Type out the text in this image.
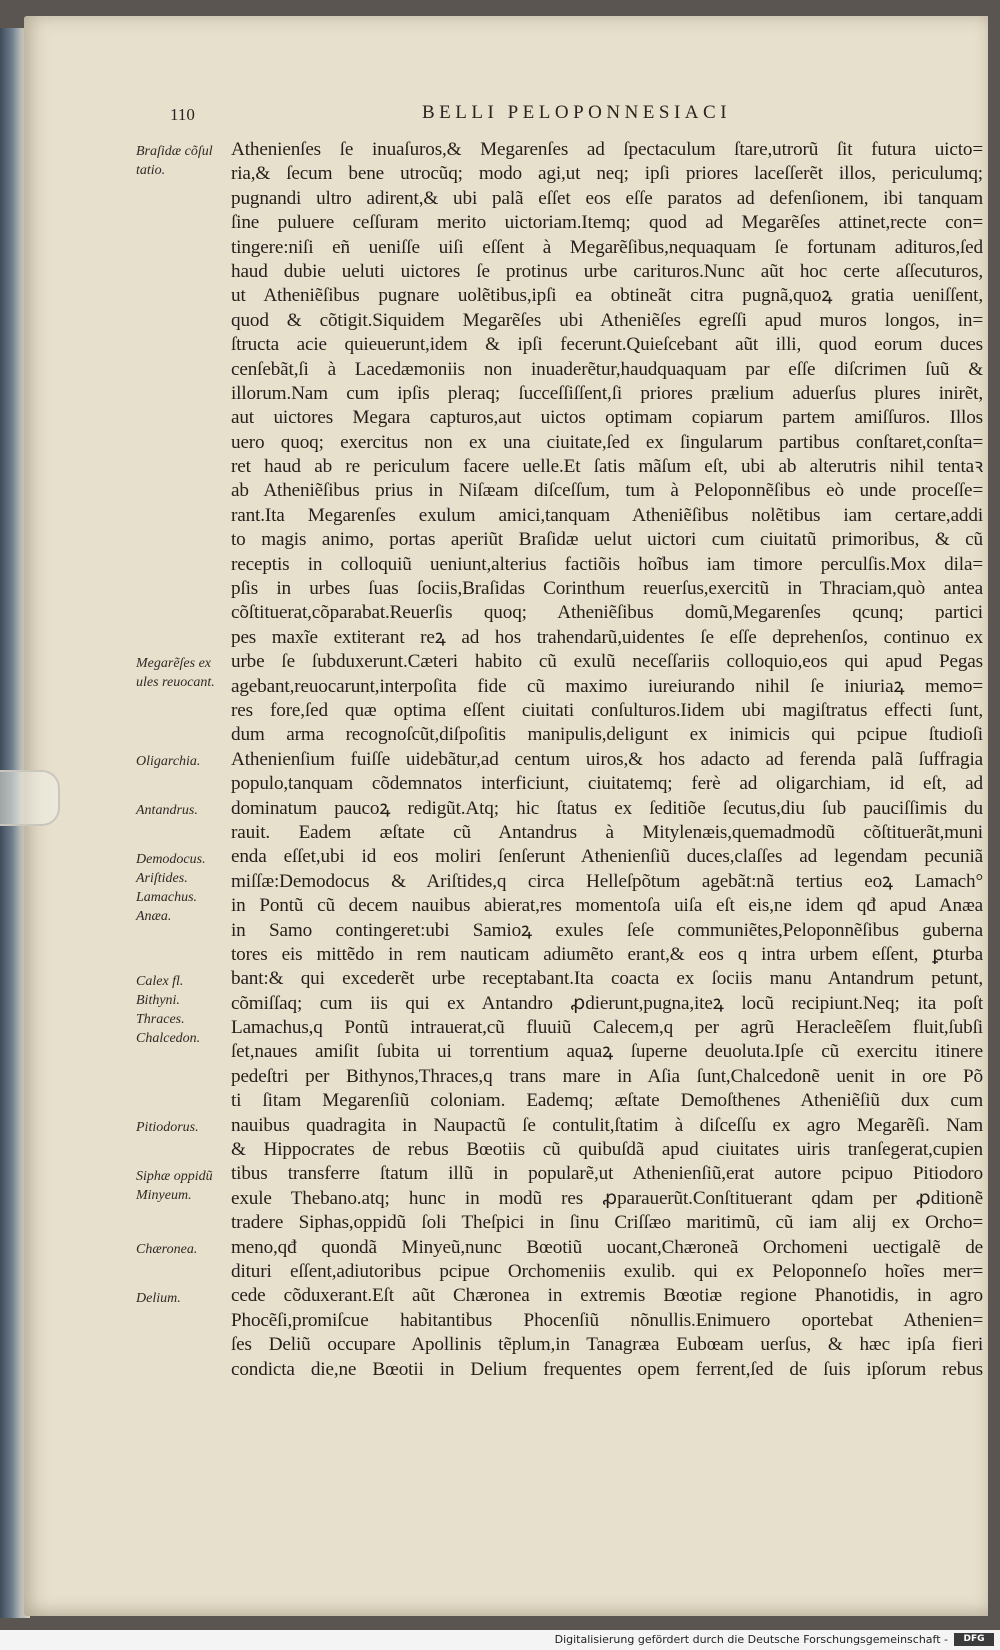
110	BELLI PELOPONNESIACI
Braſidæ cõſul
tatio.
Megarẽſes ex
ules reuocant.
Oligarchia.
Antandrus.
Demodocus.
Ariſtides.
Lamachus.
Anæa.
Calex fl.
Bithyni.
Thraces.
Chalcedon.
Pitiodorus.
Siphæ oppidũ
Minyeum.
Chæronea.
Delium.
Athenienſes ſe inuaſuros,& Megarenſes ad ſpectaculum ſtare,utrorũ ſit futura uicto=
ria,& ſecum bene utrocũq; modo agi,ut neq; ipſi priores laceſſerẽt illos, periculumq;
pugnandi ultro adirent,& ubi palã eſſet eos eſſe paratos ad defenſionem, ibi tanquam
ſine puluere ceſſuram merito uictoriam.Itemq; quod ad Megarẽſes attinet,recte con=
tingere:niſi eñ ueniſſe uiſi eſſent à Megarẽſibus,nequaquam ſe fortunam adituros,ſed
haud dubie ueluti uictores ſe protinus urbe carituros.Nunc aũt hoc certe aſſecuturos,
ut Atheniẽſibus pugnare uolẽtibus,ipſi ea obtineãt citra pugnã,quoꝝ gratia ueniſſent,
quod & cõtigit.Siquidem Megarẽſes ubi Atheniẽſes egreſſi apud muros longos, in=
ſtructa acie quieuerunt,idem & ipſi fecerunt.Quieſcebant aũt illi, quod eorum duces
cenſebãt,ſi à Lacedæmoniis non inuaderẽtur,haudquaquam par eſſe diſcrimen ſuũ &
illorum.Nam cum ipſis pleraq; ſucceſſiſſent,ſi priores prælium aduerſus plures inirẽt,
aut uictores Megara capturos,aut uictos optimam copiarum partem amiſſuros. Illos
uero quoq; exercitus non ex una ciuitate,ſed ex ſingularum partibus conſtaret,conſta=
ret haud ab re periculum facere uelle.Et ſatis mãſum eſt, ubi ab alterutris nihil tentaꝛ
ab Atheniẽſibus prius in Niſæam diſceſſum, tum à Peloponnẽſibus eò unde proceſſe=
rant.Ita Megarenſes exulum amici,tanquam Atheniẽſibus nolẽtibus iam certare,addi
to magis animo, portas aperiũt Braſidæ uelut uictori cum ciuitatũ primoribus, & cũ
receptis in colloquiũ ueniunt,alterius factiõis hoĩbus iam timore perculſis.Mox dila=
pſis in urbes ſuas ſociis,Braſidas Corinthum reuerſus,exercitũ in Thraciam,quò antea
cõſtituerat,cõparabat.Reuerſis quoq; Atheniẽſibus domũ,Megarenſes qcunq; partici
pes maxĩe extiterant reꝝ ad hos trahendarũ,uidentes ſe eſſe deprehenſos, continuo ex
urbe ſe ſubduxerunt.Cæteri habito cũ exulũ neceſſariis colloquio,eos qui apud Pegas
agebant,reuocarunt,interpoſita fide cũ maximo iureiurando nihil ſe iniuriaꝝ memo=
res fore,ſed quæ optima eſſent ciuitati conſulturos.Iidem ubi magiſtratus effecti ſunt,
dum arma recognoſcũt,diſpoſitis manipulis,deligunt ex inimicis qui pcipue ſtudioſi
Athenienſium fuiſſe uidebãtur,ad centum uiros,& hos adacto ad ferenda palã ſuffragia
populo,tanquam cõdemnatos interficiunt, ciuitatemq; ferè ad oligarchiam, id eſt, ad
dominatum paucoꝝ redigũt.Atq; hic ſtatus ex ſeditiõe ſecutus,diu ſub pauciſſimis du
rauit. Eadem æſtate cũ Antandrus à Mitylenæis,quemadmodũ cõſtituerãt,muni
enda eſſet,ubi id eos moliri ſenſerunt Athenienſiũ duces,claſſes ad legendam pecuniã
miſſæ:Demodocus & Ariſtides,q circa Helleſpõtum agebãt:nã tertius eoꝝ Lamach°
in Pontũ cũ decem nauibus abierat,res momentoſa uiſa eſt eis,ne idem qđ apud Anæa
in Samo contingeret:ubi Samioꝝ exules ſeſe communiẽtes,Peloponnẽſibus guberna
tores eis mittẽdo in rem nauticam adiumẽto erant,& eos q intra urbem eſſent, ꝑturba
bant:& qui excederẽt urbe receptabant.Ita coacta ex ſociis manu Antandrum petunt,
cõmiſſaq; cum iis qui ex Antandro ꝓdierunt,pugna,iteꝝ locũ recipiunt.Neq; ita poſt
Lamachus,q Pontũ intrauerat,cũ fluuiũ Calecem,q per agrũ Heracleẽſem fluit,ſubſi
ſet,naues amiſit ſubita ui torrentium aquaꝝ ſuperne deuoluta.Ipſe cũ exercitu itinere
pedeſtri per Bithynos,Thraces,q trans mare in Aſia ſunt,Chalcedonẽ uenit in ore Põ
ti ſitam Megarenſiũ coloniam. Eademq; æſtate Demoſthenes Atheniẽſiũ dux cum
nauibus quadragita in Naupactũ ſe contulit,ſtatim à diſceſſu ex agro Megarẽſi. Nam
& Hippocrates de rebus Bœotiis cũ quibuſdã apud ciuitates uiris tranſegerat,cupien
tibus transferre ſtatum illũ in popularẽ,ut Athenienſiũ,erat autore pcipuo Pitiodoro
exule Thebano.atq; hunc in modũ res ꝓparauerũt.Conſtituerant qdam per ꝓditionẽ
tradere Siphas,oppidũ ſoli Theſpici in ſinu Criſſæo maritimũ, cũ iam alij ex Orcho=
meno,qđ quondã Minyeũ,nunc Bœotiũ uocant,Chæroneã Orchomeni uectigalẽ de
dituri eſſent,adiutoribus pcipue Orchomeniis exulib. qui ex Peloponneſo hoĩes mer=
cede cõduxerant.Eſt aũt Chæronea in extremis Bœotiæ regione Phanotidis, in agro
Phocẽſi,promiſcue habitantibus Phocenſiũ nõnullis.Enimuero oportebat Athenien=
ſes Deliũ occupare Apollinis tẽplum,in Tanagræa Eubœam uerſus, & hæc ipſa fieri
condicta die,ne Bœotii in Delium frequentes opem ferrent,ſed de ſuis ipſorum rebus
Digitalisierung gefördert durch die Deutsche Forschungsgemeinschaft -	DFG
